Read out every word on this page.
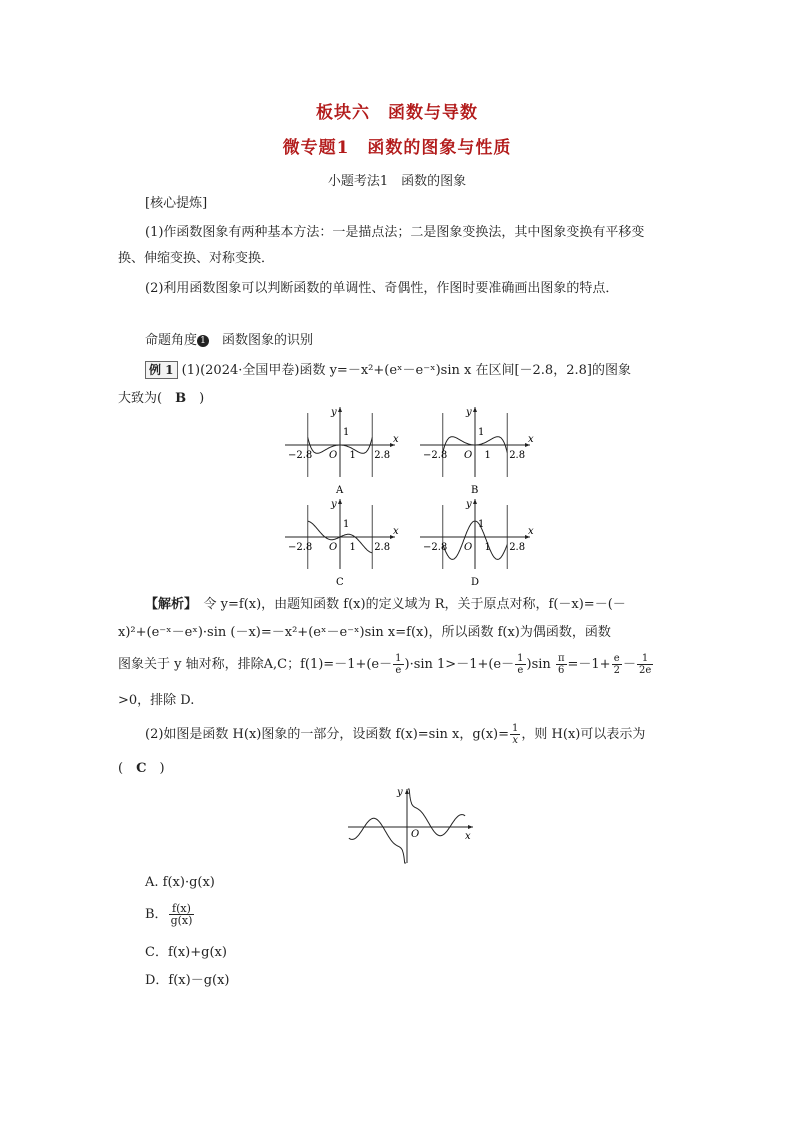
板块六　函数与导数
微专题1　函数的图象与性质
小题考法1　函数的图象
[核心提炼]
(1)作函数图象有两种基本方法：一是描点法；二是图象变换法，其中图象变换有平移变
换、伸缩变换、对称变换．
(2)利用函数图象可以判断函数的单调性、奇偶性，作图时要准确画出图象的特点．
命题角度 1　 函数图象的识别
例 1 (1)(2024·全国甲卷)函数 y=－x²+(eˣ－e⁻ˣ)sin x 在区间[－2.8，2.8]的图象
大致为(　B　)
−2.8	2.8
1
1
O
x
y
A
−2.8	2.8
1
1
O
x
y
B
−2.8	2.8
1
1
O
x
y
C
−2.8	2.8
1
1
O
x
y
D
【解析】　令 y=f(x)，由题知函数 f(x)的定义域为 R，关于原点对称，f(－x)=－(－
x)²+(e⁻ˣ－eˣ)·sin (－x)=－x²+(eˣ－e⁻ˣ)sin x=f(x)，所以函数 f(x)为偶函数，函数
图象关于 y 轴对称，排除A,C；$f(1)=-1+(e- \frac{1}{e} )\cdot\sin$ $1>-1+(e- \frac{1}{e} )\sin \frac{\pi}{6} =-1+ \frac{e}{2} - \frac{1}{2e}$
>0，排除 D.
(2)如图是函数 H(x)图象的一部分，设函数 f(x)=sin x，$g(x)= \frac{1}{x}$ ，则 H(x)可以表示为
(　C　)
y
x
O
A. f(x)·g(x)
B． $\frac{f(x)}{g(x)}$
C．f(x)+g(x)
D．f(x)－g(x)
